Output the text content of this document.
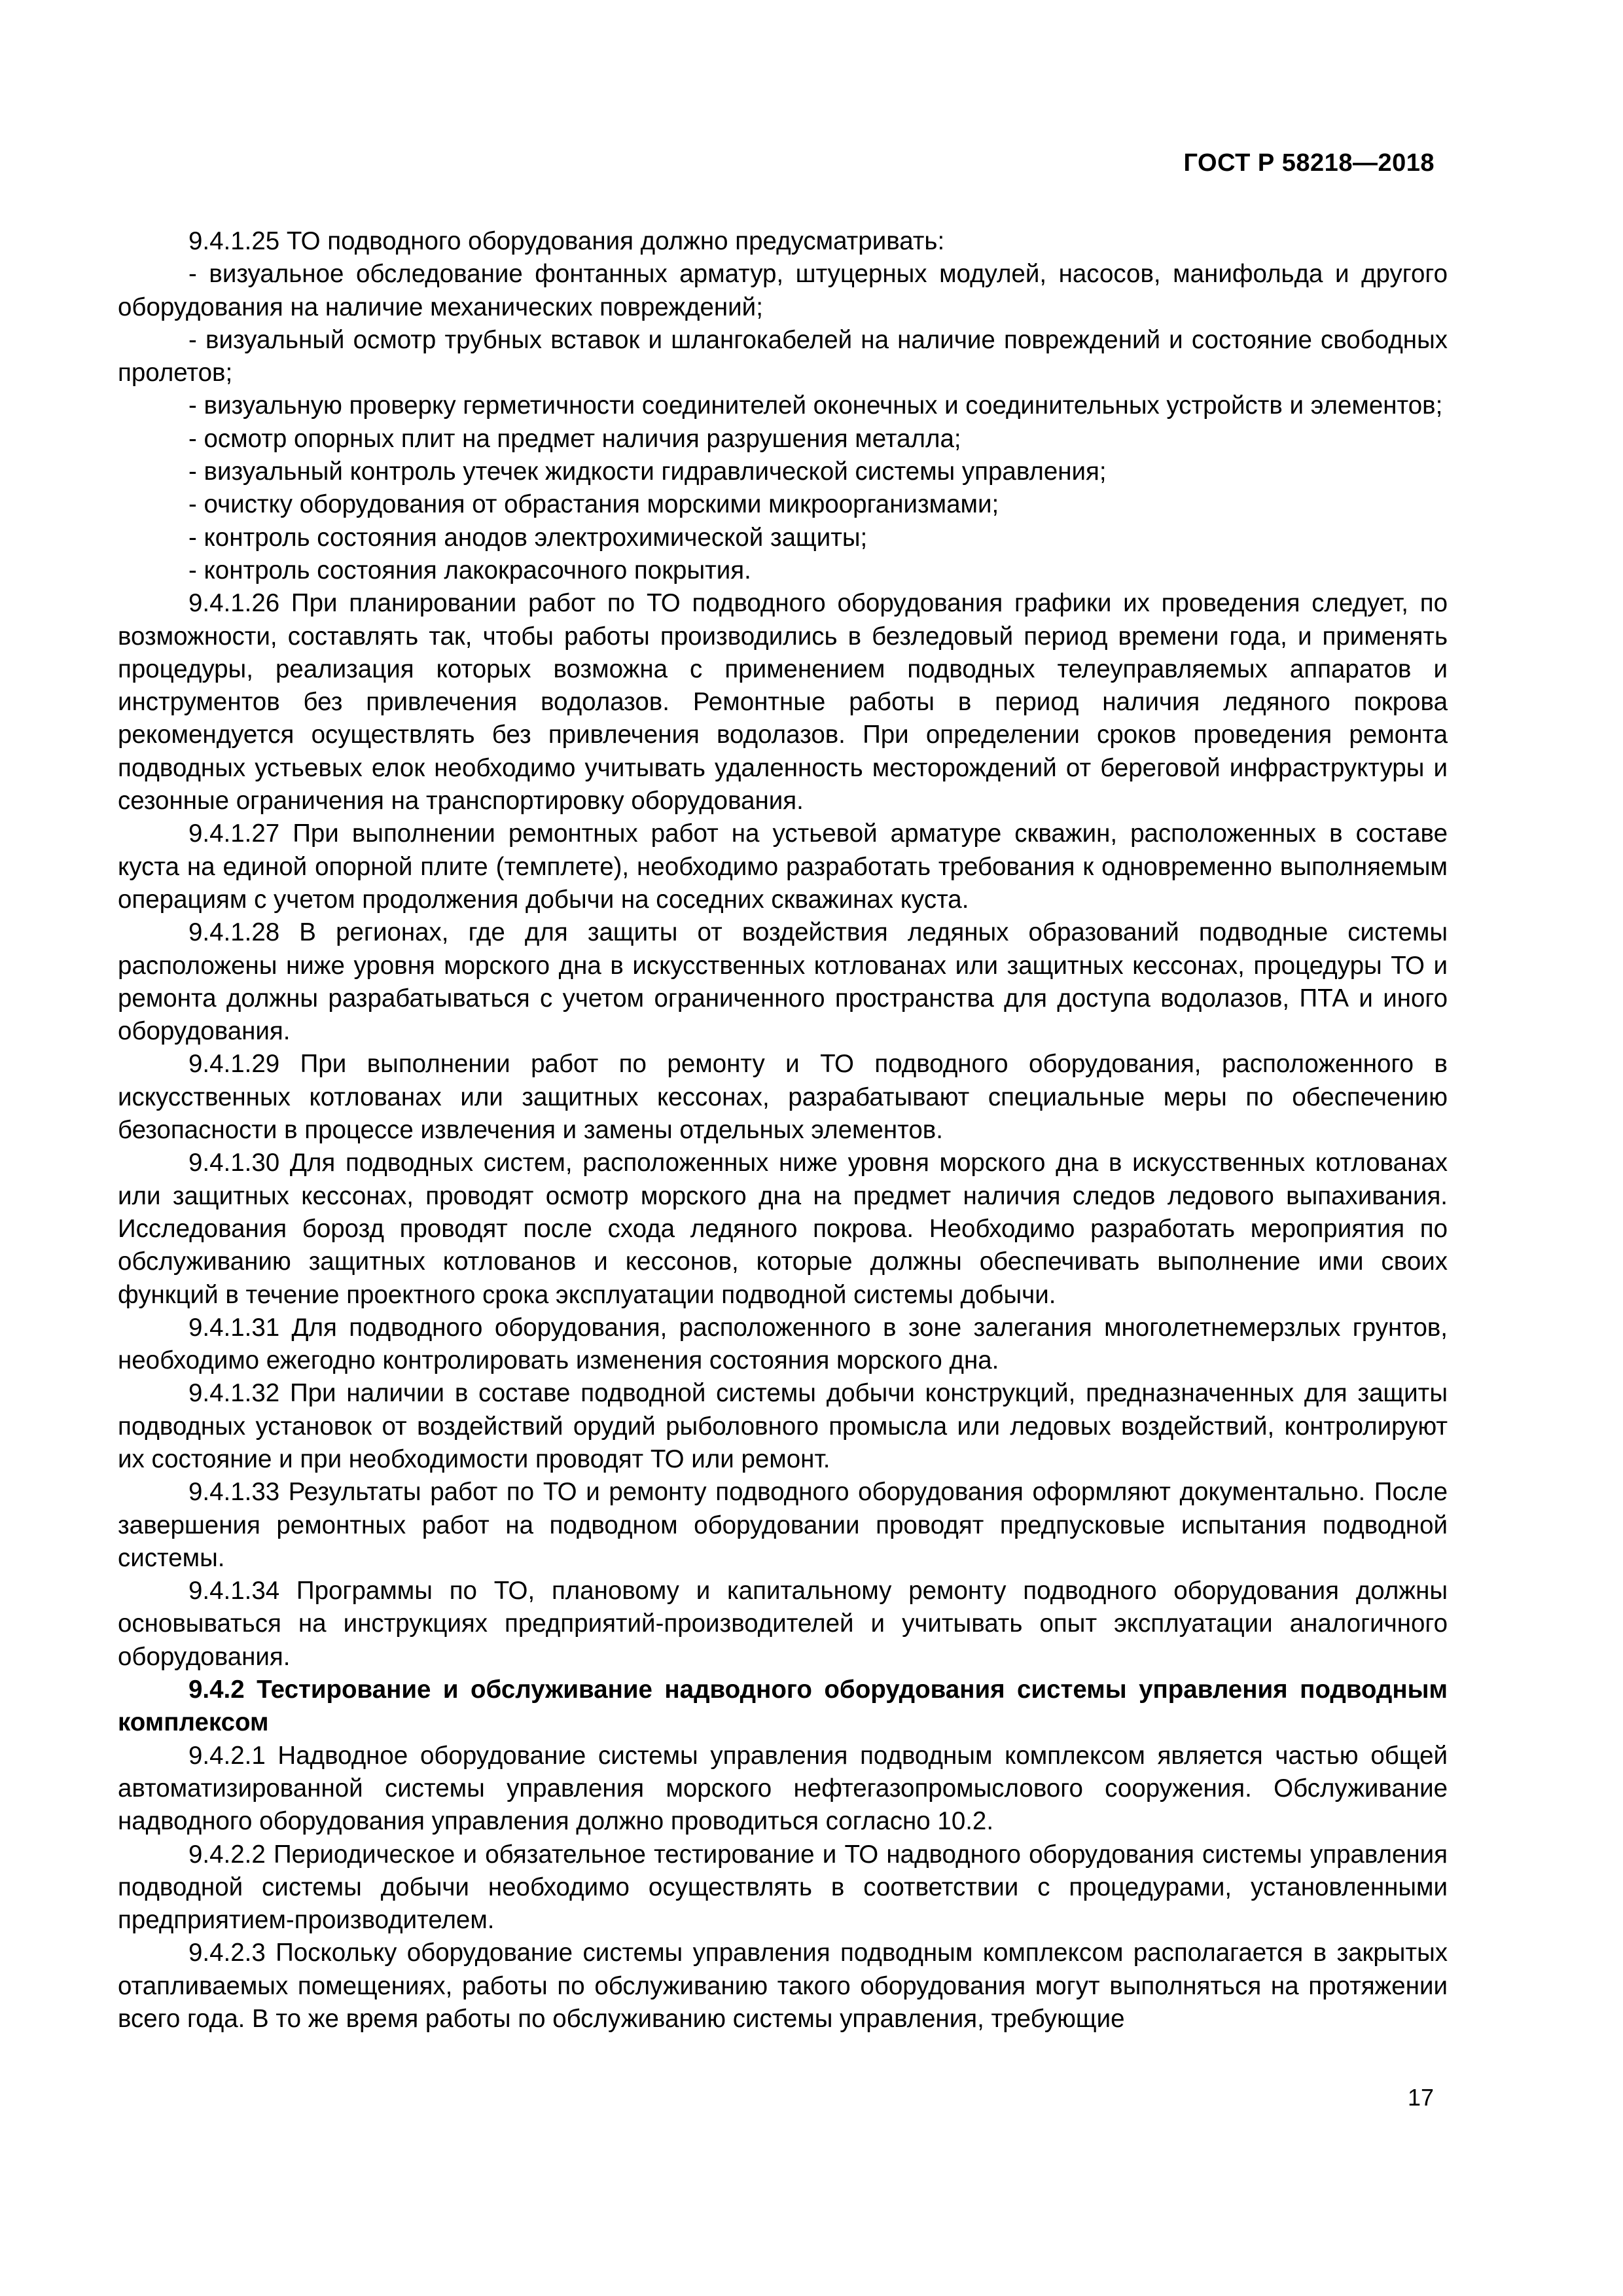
ГОСТ Р 58218—2018

9.4.1.25 ТО подводного оборудования должно предусматривать:

- визуальное обследование фонтанных арматур, штуцерных модулей, насосов, манифольда и другого оборудования на наличие механических повреждений;

- визуальный осмотр трубных вставок и шлангокабелей на наличие повреждений и состояние свободных пролетов;

- визуальную проверку герметичности соединителей оконечных и соединительных устройств и элементов;

- осмотр опорных плит на предмет наличия разрушения металла;

- визуальный контроль утечек жидкости гидравлической системы управления;

- очистку оборудования от обрастания морскими микроорганизмами;

- контроль состояния анодов электрохимической защиты;

- контроль состояния лакокрасочного покрытия.

9.4.1.26 При планировании работ по ТО подводного оборудования графики их проведения следует, по возможности, составлять так, чтобы работы производились в безледовый период времени года, и применять процедуры, реализация которых возможна с применением подводных телеуправляемых аппаратов и инструментов без привлечения водолазов. Ремонтные работы в период наличия ледяного покрова рекомендуется осуществлять без привлечения водолазов. При определении сроков проведения ремонта подводных устьевых елок необходимо учитывать удаленность месторождений от береговой инфраструктуры и сезонные ограничения на транспортировку оборудования.

9.4.1.27 При выполнении ремонтных работ на устьевой арматуре скважин, расположенных в составе куста на единой опорной плите (темплете), необходимо разработать требования к одновременно выполняемым операциям с учетом продолжения добычи на соседних скважинах куста.

9.4.1.28 В регионах, где для защиты от воздействия ледяных образований подводные системы расположены ниже уровня морского дна в искусственных котлованах или защитных кессонах, процедуры ТО и ремонта должны разрабатываться с учетом ограниченного пространства для доступа водолазов, ПТА и иного оборудования.

9.4.1.29 При выполнении работ по ремонту и ТО подводного оборудования, расположенного в искусственных котлованах или защитных кессонах, разрабатывают специальные меры по обеспечению безопасности в процессе извлечения и замены отдельных элементов.

9.4.1.30 Для подводных систем, расположенных ниже уровня морского дна в искусственных котлованах или защитных кессонах, проводят осмотр морского дна на предмет наличия следов ледового выпахивания. Исследования борозд проводят после схода ледяного покрова. Необходимо разработать мероприятия по обслуживанию защитных котлованов и кессонов, которые должны обеспечивать выполнение ими своих функций в течение проектного срока эксплуатации подводной системы добычи.

9.4.1.31 Для подводного оборудования, расположенного в зоне залегания многолетнемерзлых грунтов, необходимо ежегодно контролировать изменения состояния морского дна.

9.4.1.32 При наличии в составе подводной системы добычи конструкций, предназначенных для защиты подводных установок от воздействий орудий рыболовного промысла или ледовых воздействий, контролируют их состояние и при необходимости проводят ТО или ремонт.

9.4.1.33 Результаты работ по ТО и ремонту подводного оборудования оформляют документально. После завершения ремонтных работ на подводном оборудовании проводят предпусковые испытания подводной системы.

9.4.1.34 Программы по ТО, плановому и капитальному ремонту подводного оборудования должны основываться на инструкциях предприятий-производителей и учитывать опыт эксплуатации аналогичного оборудования.

9.4.2 Тестирование и обслуживание надводного оборудования системы управления подводным комплексом

9.4.2.1 Надводное оборудование системы управления подводным комплексом является частью общей автоматизированной системы управления морского нефтегазопромыслового сооружения. Обслуживание надводного оборудования управления должно проводиться согласно 10.2.

9.4.2.2 Периодическое и обязательное тестирование и ТО надводного оборудования системы управления подводной системы добычи необходимо осуществлять в соответствии с процедурами, установленными предприятием-производителем.

9.4.2.3 Поскольку оборудование системы управления подводным комплексом располагается в закрытых отапливаемых помещениях, работы по обслуживанию такого оборудования могут выполняться на протяжении всего года. В то же время работы по обслуживанию системы управления, требующие

17
